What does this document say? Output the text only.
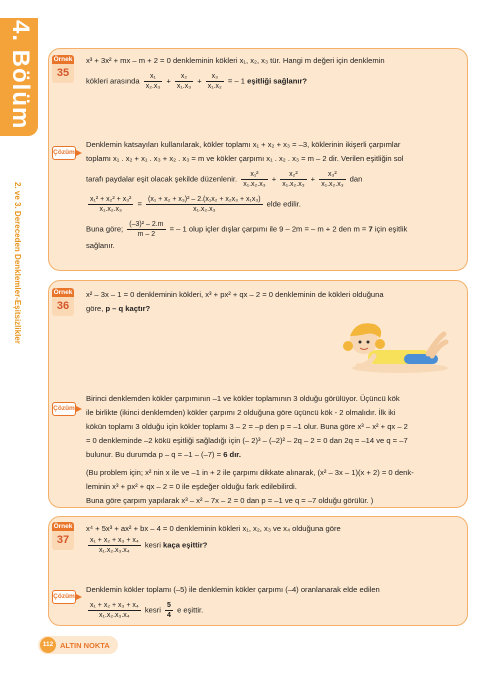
4. Bölüm
2. ve 3. Dereceden Denklemler-Eşitsizlikler
Örnek
35
x³ + 3x² + mx – m + 2 = 0 denkleminin kökleri x₁, x₂, x₃ tür. Hangi m değeri için denklemin
kökleri arasında $\frac{\text{x₁}}{\text{x₂.x₃}} + \frac{\text{x₂}}{\text{x₁.x₃}} + \frac{\text{x₃}}{\text{x₁.x₂}}$ = – 1 eşitliği sağlanır?
Çözüm
Denklemin katsayıları kullanılarak, kökler toplamı x₁ + x₂ + x₃ = –3, köklerinin ikişerli çarpımlar
toplamı x₁ . x₂ + x₁ . x₃ + x₂ . x₃ = m ve kökler çarpımı x₁ . x₂ . x₃ = m – 2 dir. Verilen eşitliğin sol
tarafı paydalar eşit olacak şekilde düzenlenir. $\frac{\text{x₁²}}{\text{x₁.x₂.x₃}} + \frac{\text{x₂²}}{\text{x₁.x₂.x₃}} + \frac{\text{x₃²}}{\text{x₁.x₂.x₃}}$ dan
$\frac{\text{x₁² + x₂² + x₃²}}{\text{x₁.x₂.x₃}} = \frac{\text{(x₁ + x₂ + x₃)² – 2.(x₁x₂ + x₂x₃ + x₁x₃)}}{\text{x₁.x₂.x₃}}$ elde edilir.
Buna göre; $\frac{\text{(–3)² – 2.m}}{m - 2}$ = – 1 olup içler dışlar çarpımı ile 9 – 2m = – m + 2 den m = 7 için eşitlik
sağlanır.
Örnek
36
x² – 3x – 1 = 0 denkleminin kökleri, x³ + px² + qx – 2 = 0 denkleminin de kökleri olduğuna
göre, p – q kaçtır?
Çözüm
Birinci denklemden kökler çarpımının –1 ve kökler toplamının 3 olduğu görülüyor. Üçüncü kök
ile birlikte (ikinci denklemden) kökler çarpımı 2 olduğuna göre üçüncü kök - 2 olmalıdır. İlk iki
kökün toplamı 3 olduğu için kökler toplamı 3 – 2 = –p den p = –1 olur. Buna göre x³ – x² + qx – 2
= 0 denkleminde –2 kökü eşitliği sağladığı için (– 2)³ – (–2)² – 2q – 2 = 0 dan 2q = –14 ve q = –7
bulunur. Bu durumda p – q = –1 – (–7) = 6 dır.
(Bu problem için; x² nin x ile ve –1 in + 2 ile çarpımı dikkate alınarak, (x² – 3x – 1)(x + 2) = 0 denk-
leminin x³ + px² + qx – 2 = 0 ile eşdeğer olduğu fark edilebilirdi.
Buna göre çarpım yapılarak x³ – x² – 7x – 2 = 0 dan p = –1 ve q = –7 olduğu görülür. )
Örnek
37
x⁴ + 5x³ + ax² + bx – 4 = 0 denkleminin kökleri x₁, x₂, x₃ ve x₄ olduğuna göre
$\frac{\text{x₁ + x₂ + x₃ + x₄}}{\text{x₁.x₂.x₃.x₄}}$ kesri kaça eşittir?
Çözüm
Denklemin kökler toplamı (–5) ile denklemin kökler çarpımı (–4) oranlanarak elde edilen
$\frac{\text{x₁ + x₂ + x₃ + x₄}}{\text{x₁.x₂.x₃.x₄}}$ kesri $\frac{5}{4}$ e eşittir.
112 ALTIN NOKTA
